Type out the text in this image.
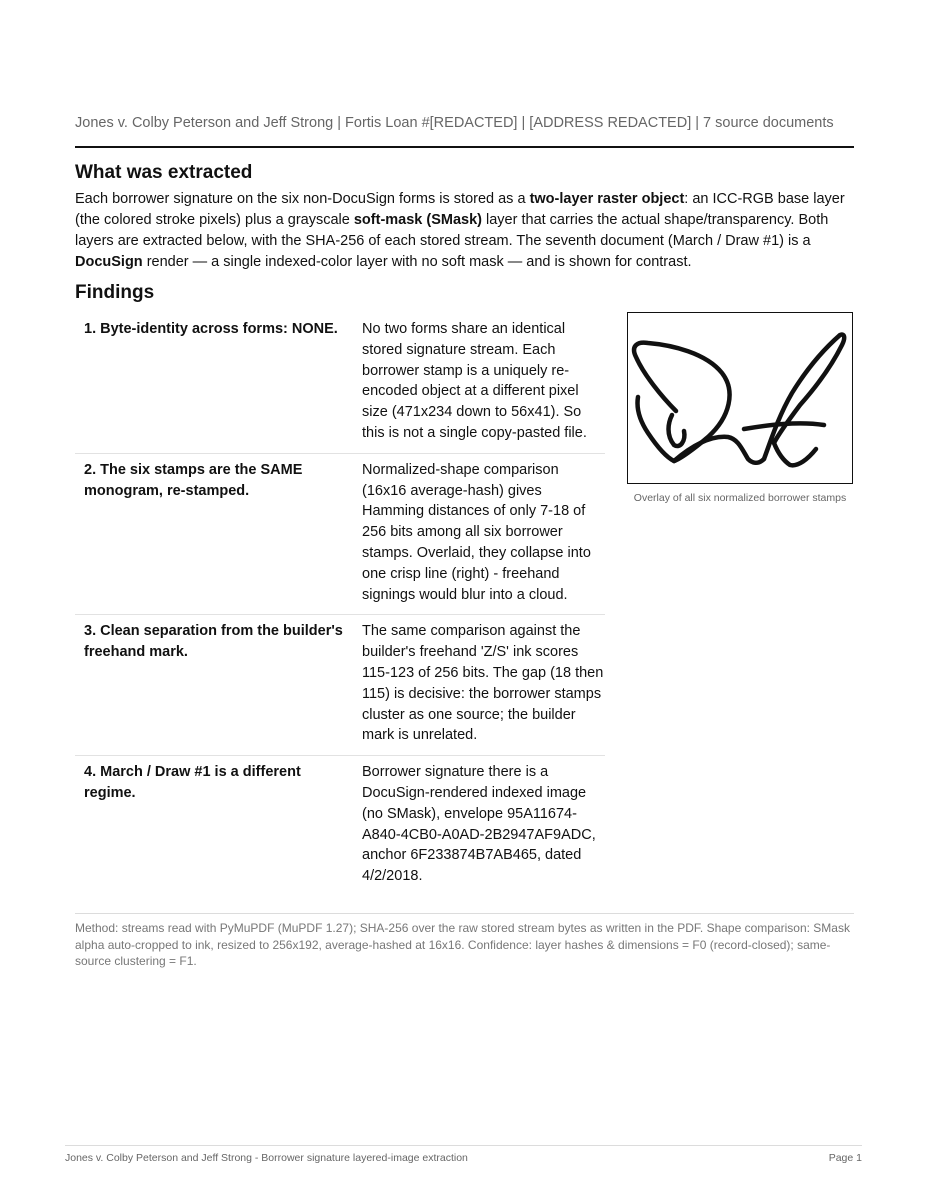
Jones v. Colby Peterson and Jeff Strong | Fortis Loan #[REDACTED] | [ADDRESS REDACTED] | 7 source documents
What was extracted

Each borrower signature on the six non-DocuSign forms is stored as a two-layer raster object: an ICC-RGB base layer (the colored stroke pixels) plus a grayscale soft-mask (SMask) layer that carries the actual shape/transparency. Both layers are extracted below, with the SHA-256 of each stored stream. The seventh document (March / Draw #1) is a DocuSign render — a single indexed-color layer with no soft mask — and is shown for contrast.

Findings
1. Byte-identity across forms: NONE.	No two forms share an identical stored signature stream. Each borrower stamp is a uniquely re-encoded object at a different pixel size (471x234 down to 56x41). So this is not a single copy-pasted file.
2. The six stamps are the SAME monogram, re-stamped.
Normalized-shape comparison (16x16 average-hash) gives Hamming distances of only 7-18 of 256 bits among all six borrower stamps. Overlaid, they collapse into one crisp line (right) - freehand signings would blur into a cloud.
3. Clean separation from the builder's freehand mark.
The same comparison against the builder's freehand 'Z/S' ink scores 115-123 of 256 bits. The gap (18 then 115) is decisive: the borrower stamps cluster as one source; the builder mark is unrelated.
4. March / Draw #1 is a different regime.
Borrower signature there is a DocuSign-rendered indexed image (no SMask), envelope 95A11674-A840-4CB0-A0AD-2B2947AF9ADC, anchor 6F233874B7AB465, dated 4/2/2018.
Overlay of all six normalized borrower stamps

Method: streams read with PyMuPDF (MuPDF 1.27); SHA-256 over the raw stored stream bytes as written in the PDF. Shape comparison: SMask alpha auto-cropped to ink, resized to 256x192, average-hashed at 16x16. Confidence: layer hashes & dimensions = F0 (record-closed); same-source clustering = F1.

Jones v. Colby Peterson and Jeff Strong - Borrower signature layered-image extraction	Page 1
